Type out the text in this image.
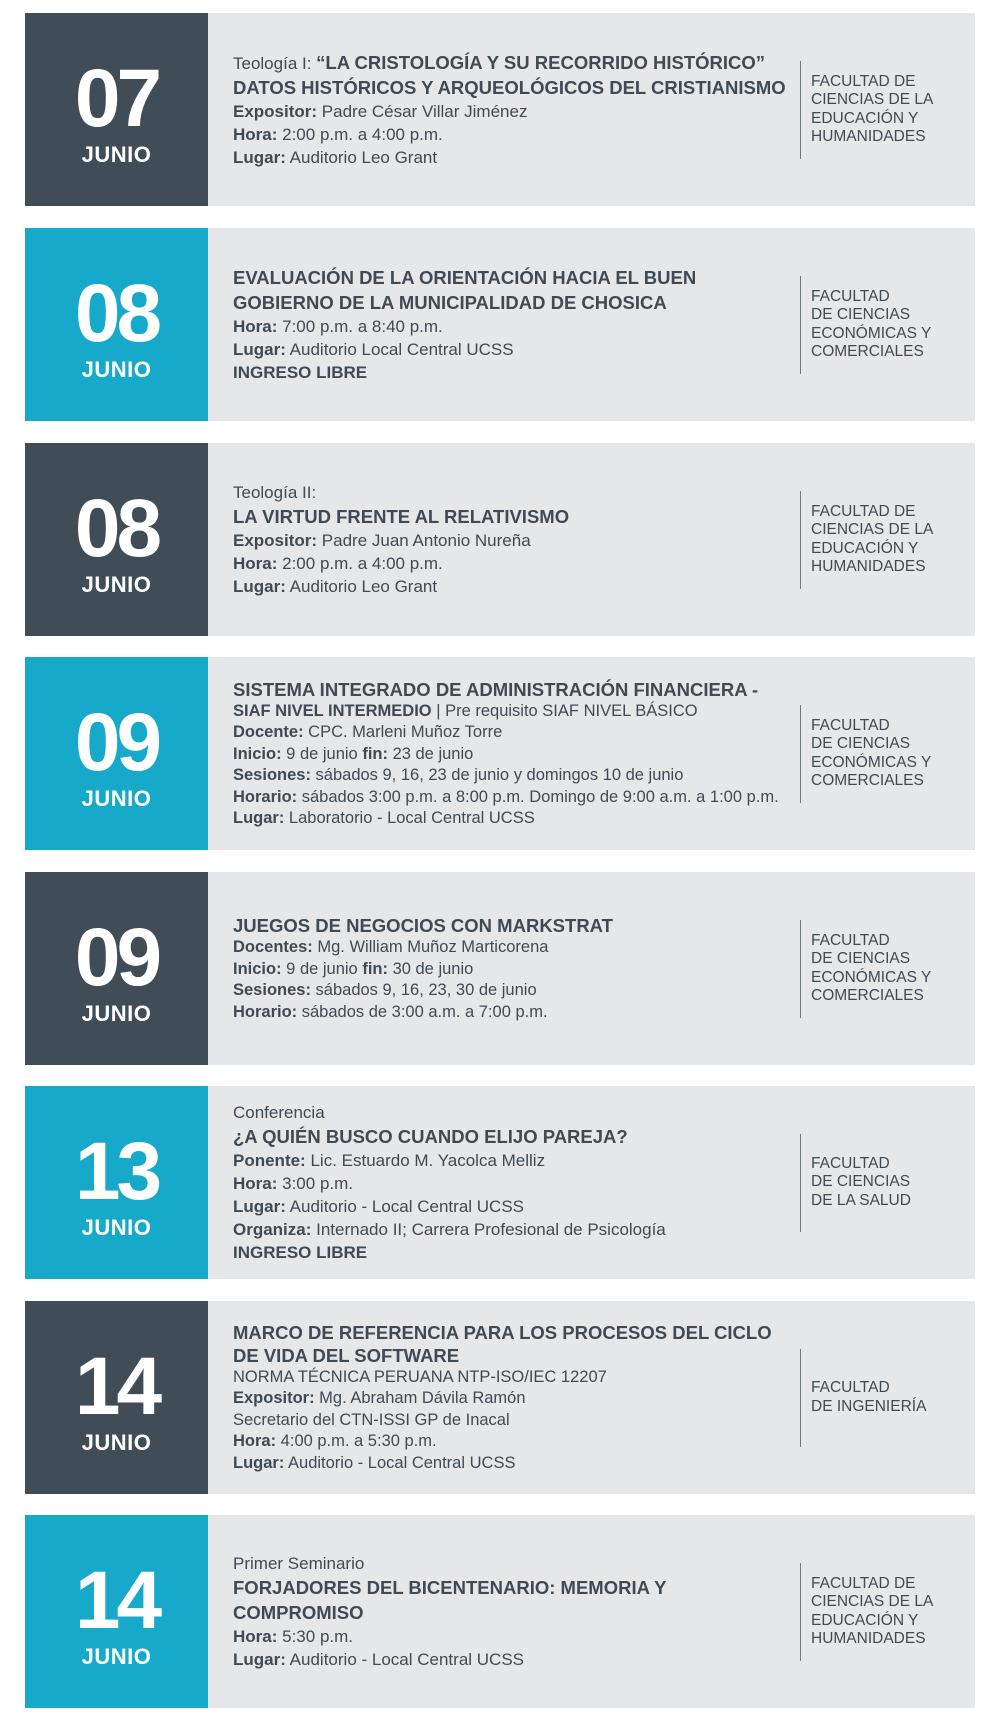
07
JUNIO
Teología I: “LA CRISTOLOGÍA Y SU RECORRIDO HISTÓRICO”
DATOS HISTÓRICOS Y ARQUEOLÓGICOS DEL CRISTIANISMO
Expositor: Padre César Villar Jiménez
Hora: 2:00 p.m. a 4:00 p.m.
Lugar: Auditorio Leo Grant
FACULTAD DE
CIENCIAS DE LA
EDUCACIÓN Y
HUMANIDADES
08
JUNIO
EVALUACIÓN DE LA ORIENTACIÓN HACIA EL BUEN GOBIERNO DE LA MUNICIPALIDAD DE CHOSICA
Hora: 7:00 p.m. a 8:40 p.m.
Lugar: Auditorio Local Central UCSS
INGRESO LIBRE
FACULTAD
DE CIENCIAS
ECONÓMICAS Y
COMERCIALES
08
JUNIO
Teología II:
LA VIRTUD FRENTE AL RELATIVISMO
Expositor: Padre Juan Antonio Nureña
Hora: 2:00 p.m. a 4:00 p.m.
Lugar: Auditorio Leo Grant
FACULTAD DE
CIENCIAS DE LA
EDUCACIÓN Y
HUMANIDADES
09
JUNIO
SISTEMA INTEGRADO DE ADMINISTRACIÓN FINANCIERA -
SIAF NIVEL INTERMEDIO | Pre requisito SIAF NIVEL BÁSICO
Docente: CPC. Marleni Muñoz Torre
Inicio: 9 de junio fin: 23 de junio
Sesiones: sábados 9, 16, 23 de junio y domingos 10 de junio
Horario: sábados 3:00 p.m. a 8:00 p.m. Domingo de 9:00 a.m. a 1:00 p.m.
Lugar: Laboratorio - Local Central UCSS
FACULTAD
DE CIENCIAS
ECONÓMICAS Y
COMERCIALES
09
JUNIO
JUEGOS DE NEGOCIOS CON MARKSTRAT
Docentes: Mg. William Muñoz Marticorena
Inicio: 9 de junio fin: 30 de junio
Sesiones: sábados 9, 16, 23, 30 de junio
Horario: sábados de 3:00 a.m. a 7:00 p.m.
FACULTAD
DE CIENCIAS
ECONÓMICAS Y
COMERCIALES
13
JUNIO
Conferencia
¿A QUIÉN BUSCO CUANDO ELIJO PAREJA?
Ponente: Lic. Estuardo M. Yacolca Melliz
Hora: 3:00 p.m.
Lugar: Auditorio - Local Central UCSS
Organiza: Internado II; Carrera Profesional de Psicología
INGRESO LIBRE
FACULTAD
DE CIENCIAS
DE LA SALUD
14
JUNIO
MARCO DE REFERENCIA PARA LOS PROCESOS DEL CICLO DE VIDA DEL SOFTWARE
NORMA TÉCNICA PERUANA NTP-ISO/IEC 12207
Expositor: Mg. Abraham Dávila Ramón
Secretario del CTN-ISSI GP de Inacal
Hora: 4:00 p.m. a 5:30 p.m.
Lugar: Auditorio - Local Central UCSS
FACULTAD
DE INGENIERÍA
14
JUNIO
Primer Seminario
FORJADORES DEL BICENTENARIO: MEMORIA Y COMPROMISO
Hora: 5:30 p.m.
Lugar: Auditorio - Local Central UCSS
FACULTAD DE
CIENCIAS DE LA
EDUCACIÓN Y
HUMANIDADES
